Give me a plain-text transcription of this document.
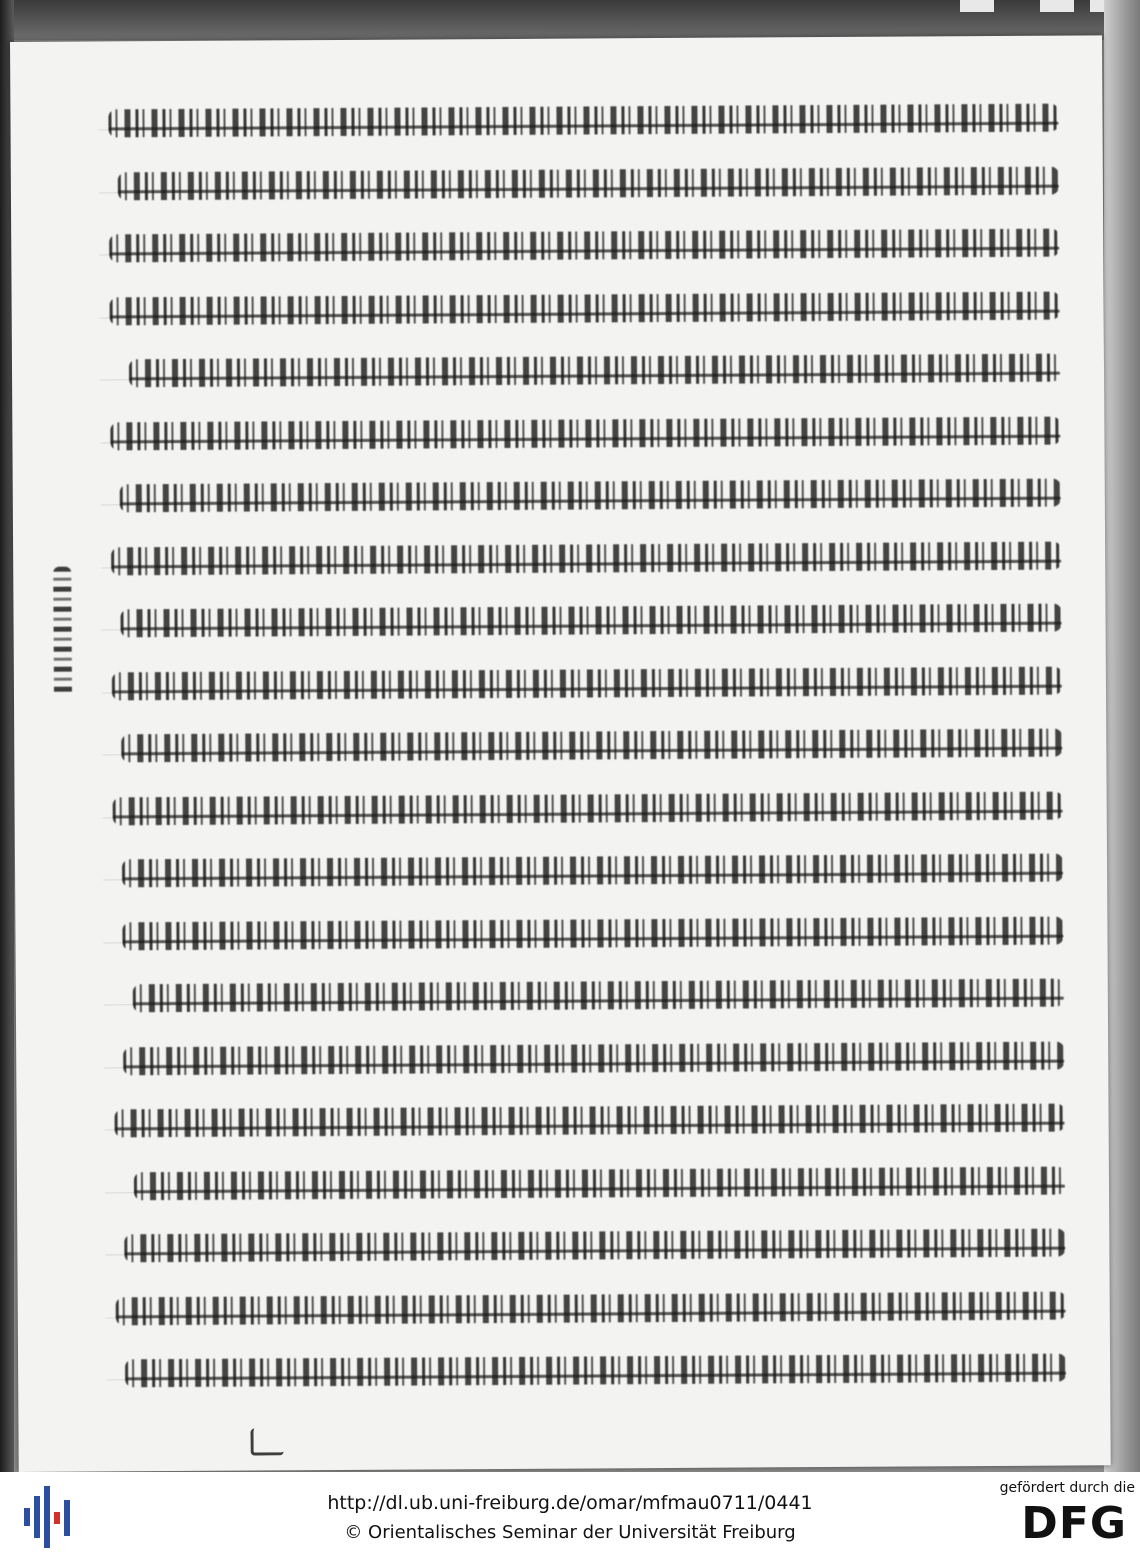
http://dl.ub.uni-freiburg.de/omar/mfmau0711/0441
© Orientalisches Seminar der Universität Freiburg
gefördert durch die
DFG
